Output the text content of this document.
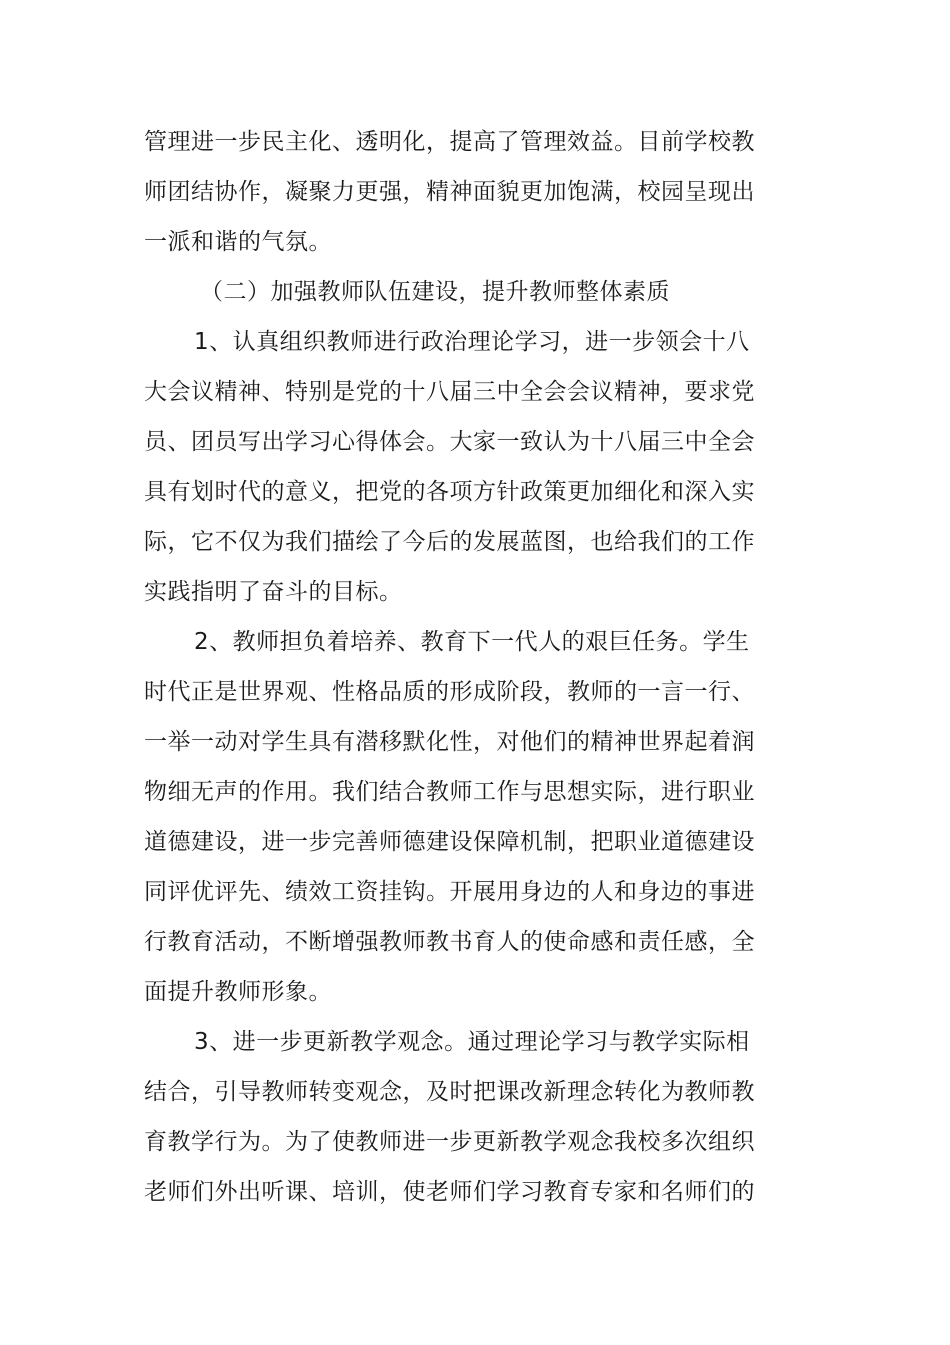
管理进一步民主化、透明化，提高了管理效益。目前学校教
师团结协作，凝聚力更强，精神面貌更加饱满，校园呈现出
一派和谐的气氛。
（二）加强教师队伍建设，提升教师整体素质
1、认真组织教师进行政治理论学习，进一步领会十八
大会议精神、特别是党的十八届三中全会会议精神，要求党
员、团员写出学习心得体会。大家一致认为十八届三中全会
具有划时代的意义，把党的各项方针政策更加细化和深入实
际，它不仅为我们描绘了今后的发展蓝图，也给我们的工作
实践指明了奋斗的目标。
2、教师担负着培养、教育下一代人的艰巨任务。学生
时代正是世界观、性格品质的形成阶段，教师的一言一行、
一举一动对学生具有潜移默化性，对他们的精神世界起着润
物细无声的作用。我们结合教师工作与思想实际，进行职业
道德建设，进一步完善师德建设保障机制，把职业道德建设
同评优评先、绩效工资挂钩。开展用身边的人和身边的事进
行教育活动，不断增强教师教书育人的使命感和责任感，全
面提升教师形象。
3、进一步更新教学观念。通过理论学习与教学实际相
结合，引导教师转变观念，及时把课改新理念转化为教师教
育教学行为。为了使教师进一步更新教学观念我校多次组织
老师们外出听课、培训，使老师们学习教育专家和名师们的
